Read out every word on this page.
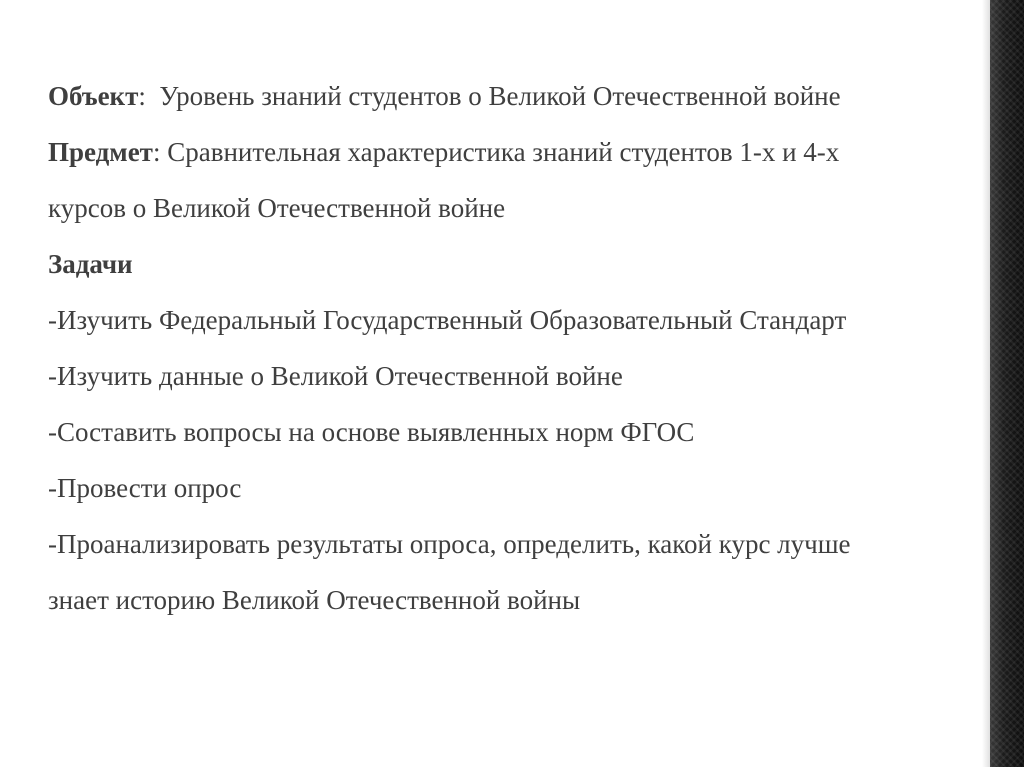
Объект:  Уровень знаний студентов о Великой Отечественной войне
Предмет: Сравнительная характеристика знаний студентов 1-х и 4-х
курсов о Великой Отечественной войне
Задачи
-Изучить Федеральный Государственный Образовательный Стандарт
-Изучить данные о Великой Отечественной войне
-Составить вопросы на основе выявленных норм ФГОС
-Провести опрос
-Проанализировать результаты опроса, определить, какой курс лучше
знает историю Великой Отечественной войны
